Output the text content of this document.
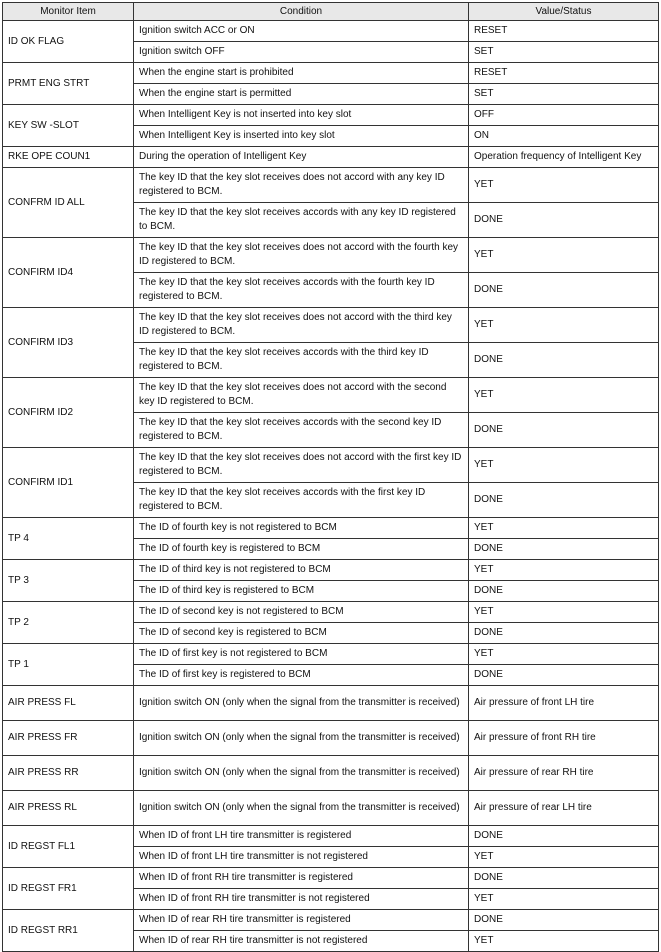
Monitor Item	Condition	Value/Status
ID OK FLAG	Ignition switch ACC or ON	RESET
	Ignition switch OFF	SET
PRMT ENG STRT	When the engine start is prohibited	RESET
	When the engine start is permitted	SET
KEY SW -SLOT	When Intelligent Key is not inserted into key slot	OFF
	When Intelligent Key is inserted into key slot	ON
RKE OPE COUN1	During the operation of Intelligent Key	Operation frequency of Intelligent Key
CONFRM ID ALL	The key ID that the key slot receives does not accord with any key ID registered to BCM.	YET
	The key ID that the key slot receives accords with any key ID registered to BCM.	DONE
CONFIRM ID4	The key ID that the key slot receives does not accord with the fourth key ID registered to BCM.	YET
	The key ID that the key slot receives accords with the fourth key ID registered to BCM.	DONE
CONFIRM ID3	The key ID that the key slot receives does not accord with the third key ID registered to BCM.	YET
	The key ID that the key slot receives accords with the third key ID registered to BCM.	DONE
CONFIRM ID2	The key ID that the key slot receives does not accord with the second key ID registered to BCM.	YET
	The key ID that the key slot receives accords with the second key ID registered to BCM.	DONE
CONFIRM ID1	The key ID that the key slot receives does not accord with the first key ID registered to BCM.	YET
	The key ID that the key slot receives accords with the first key ID registered to BCM.	DONE
TP 4	The ID of fourth key is not registered to BCM	YET
	The ID of fourth key is registered to BCM	DONE
TP 3	The ID of third key is not registered to BCM	YET
	The ID of third key is registered to BCM	DONE
TP 2	The ID of second key is not registered to BCM	YET
	The ID of second key is registered to BCM	DONE
TP 1	The ID of first key is not registered to BCM	YET
	The ID of first key is registered to BCM	DONE
AIR PRESS FL	Ignition switch ON (only when the signal from the transmitter is received)	Air pressure of front LH tire
AIR PRESS FR	Ignition switch ON (only when the signal from the transmitter is received)	Air pressure of front RH tire
AIR PRESS RR	Ignition switch ON (only when the signal from the transmitter is received)	Air pressure of rear RH tire
AIR PRESS RL	Ignition switch ON (only when the signal from the transmitter is received)	Air pressure of rear LH tire
ID REGST FL1	When ID of front LH tire transmitter is registered	DONE
	When ID of front LH tire transmitter is not registered	YET
ID REGST FR1	When ID of front RH tire transmitter is registered	DONE
	When ID of front RH tire transmitter is not registered	YET
ID REGST RR1	When ID of rear RH tire transmitter is registered	DONE
	When ID of rear RH tire transmitter is not registered	YET
